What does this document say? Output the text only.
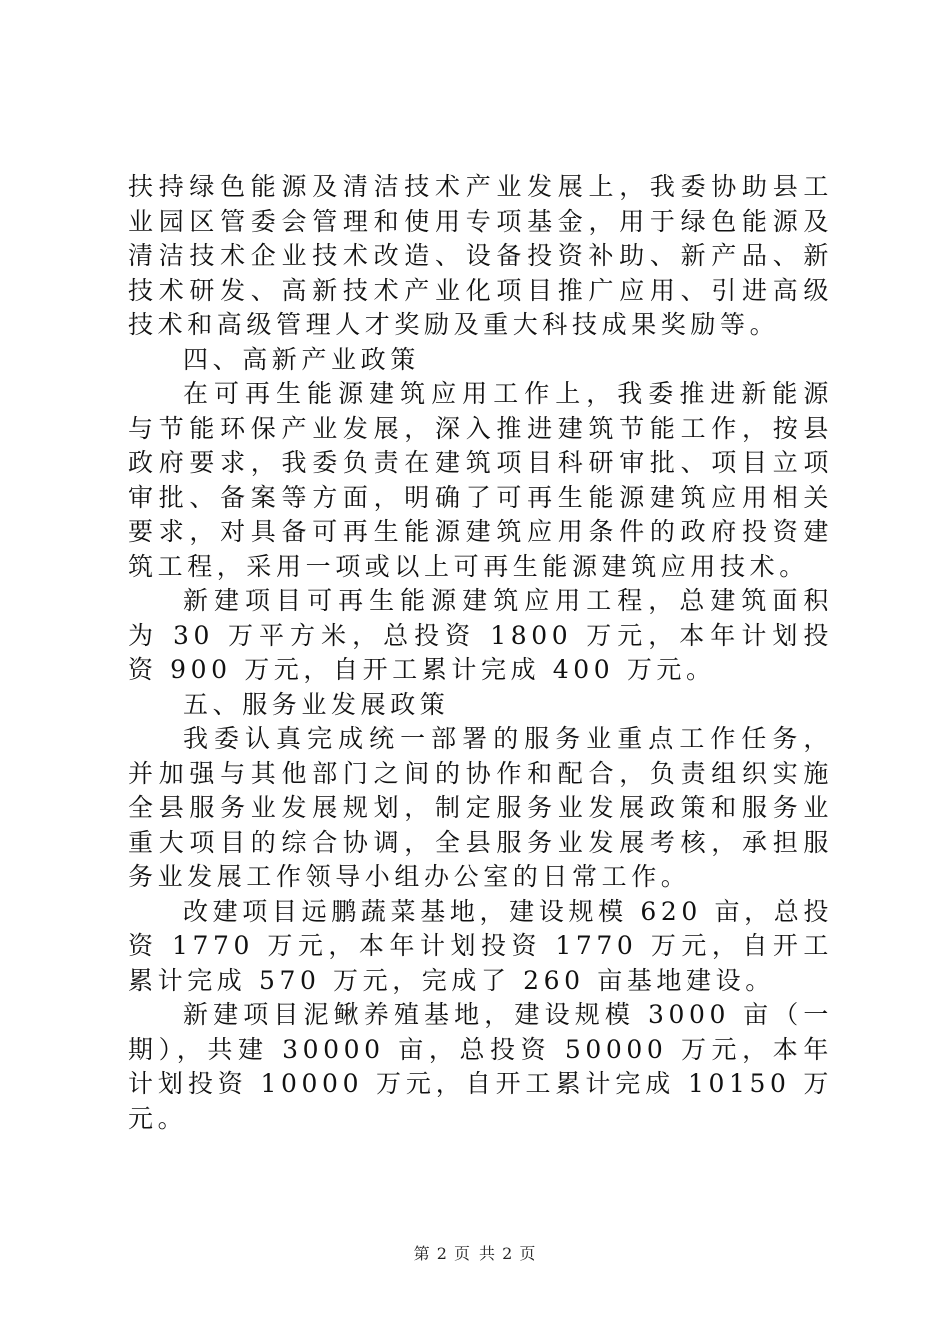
扶持绿色能源及清洁技术产业发展上，我委协助县工业园区管委会管理和使用专项基金，用于绿色能源及清洁技术企业技术改造、设备投资补助、新产品、新技术研发、高新技术产业化项目推广应用、引进高级技术和高级管理人才奖励及重大科技成果奖励等。

四、高新产业政策

在可再生能源建筑应用工作上，我委推进新能源与节能环保产业发展，深入推进建筑节能工作，按县政府要求，我委负责在建筑项目科研审批、项目立项审批、备案等方面，明确了可再生能源建筑应用相关要求，对具备可再生能源建筑应用条件的政府投资建筑工程，采用一项或以上可再生能源建筑应用技术。

新建项目可再生能源建筑应用工程，总建筑面积为 30 万平方米，总投资 1800 万元，本年计划投资 900 万元，自开工累计完成 400 万元。

五、服务业发展政策

我委认真完成统一部署的服务业重点工作任务，并加强与其他部门之间的协作和配合，负责组织实施全县服务业发展规划，制定服务业发展政策和服务业重大项目的综合协调，全县服务业发展考核，承担服务业发展工作领导小组办公室的日常工作。

改建项目远鹏蔬菜基地，建设规模 620 亩，总投资 1770 万元，本年计划投资 1770 万元，自开工累计完成 570 万元，完成了 260 亩基地建设。

新建项目泥鳅养殖基地，建设规模 3000 亩（一期），共建 30000 亩，总投资 50000 万元，本年计划投资 10000 万元，自开工累计完成 10150 万元。

第 2 页 共 2 页
